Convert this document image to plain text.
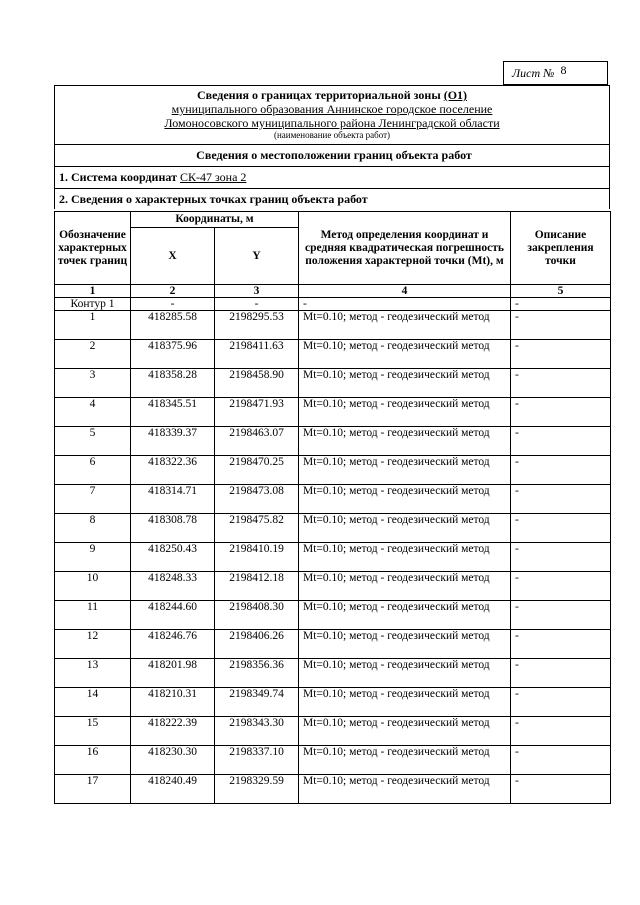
Лист № 8
Сведения о границах территориальной зоны (О1)
муниципального образования Аннинское городское поселение
Ломоносовского муниципального района Ленинградской области
(наименование объекта работ)
Сведения о местоположении границ объекта работ
1. Система координат СК-47 зона 2
2. Сведения о характерных точках границ объекта работ
Обозначение характерных точек границ	Координаты, м		Метод определения координат и средняя квадратическая погрешность положения характерной точки (Mt), м	Описание закрепления точки
	X	Y		
1	2	3	4	5
Контур 1	-	-	-	-
1	418285.58	2198295.53	Mt=0.10; метод - геодезический метод	-
2	418375.96	2198411.63	Mt=0.10; метод - геодезический метод	-
3	418358.28	2198458.90	Mt=0.10; метод - геодезический метод	-
4	418345.51	2198471.93	Mt=0.10; метод - геодезический метод	-
5	418339.37	2198463.07	Mt=0.10; метод - геодезический метод	-
6	418322.36	2198470.25	Mt=0.10; метод - геодезический метод	-
7	418314.71	2198473.08	Mt=0.10; метод - геодезический метод	-
8	418308.78	2198475.82	Mt=0.10; метод - геодезический метод	-
9	418250.43	2198410.19	Mt=0.10; метод - геодезический метод	-
10	418248.33	2198412.18	Mt=0.10; метод - геодезический метод	-
11	418244.60	2198408.30	Mt=0.10; метод - геодезический метод	-
12	418246.76	2198406.26	Mt=0.10; метод - геодезический метод	-
13	418201.98	2198356.36	Mt=0.10; метод - геодезический метод	-
14	418210.31	2198349.74	Mt=0.10; метод - геодезический метод	-
15	418222.39	2198343.30	Mt=0.10; метод - геодезический метод	-
16	418230.30	2198337.10	Mt=0.10; метод - геодезический метод	-
17	418240.49	2198329.59	Mt=0.10; метод - геодезический метод	-
